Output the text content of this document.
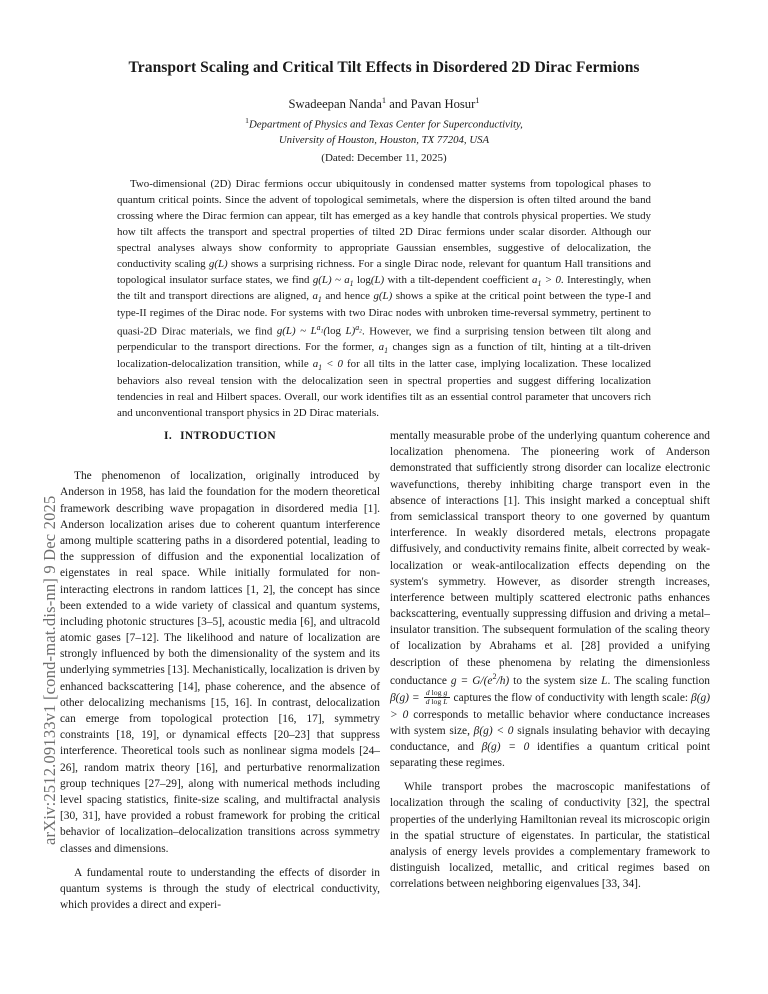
arXiv:2512.09133v1 [cond-mat.dis-nn] 9 Dec 2025
Transport Scaling and Critical Tilt Effects in Disordered 2D Dirac Fermions
Swadeepan Nanda$^1$ and Pavan Hosur$^1$
$^1$Department of Physics and Texas Center for Superconductivity,
University of Houston, Houston, TX 77204, USA
(Dated: December 11, 2025)

Two-dimensional (2D) Dirac fermions occur ubiquitously in condensed matter systems from topological phases to quantum critical points. Since the advent of topological semimetals, where the dispersion is often tilted around the band crossing where the Dirac fermion can appear, tilt has emerged as a key handle that controls physical properties. We study how tilt affects the transport and spectral properties of tilted 2D Dirac fermions under scalar disorder. Although our spectral analyses always show conformity to appropriate Gaussian ensembles, suggestive of delocalization, the conductivity scaling g(L) shows a surprising richness. For a single Dirac node, relevant for quantum Hall transitions and topological insulator surface states, we find g(L) ~ $a_1$ log(L) with a tilt-dependent coefficient $a_1 > 0$. Interestingly, when the tilt and transport directions are aligned, $a_1$ and hence g(L) shows a spike at the critical point between the type-I and type-II regimes of the Dirac node. For systems with two Dirac nodes with unbroken time-reversal symmetry, pertinent to quasi-2D Dirac materials, we find g(L) ~ $L^{a_1}(\log$ L)$^{a_2}$. However, we find a surprising tension between tilt along and perpendicular to the transport directions. For the former, $a_1$ changes sign as a function of tilt, hinting at a tilt-driven localization-delocalization transition, while $a_1 < 0$ for all tilts in the latter case, implying localization. These localized behaviors also reveal tension with the delocalization seen in spectral properties and suggest differing localization tendencies in real and Hilbert spaces. Overall, our work identifies tilt as an essential control parameter that uncovers rich and unconventional transport physics in 2D Dirac materials.

I. INTRODUCTION

The phenomenon of localization, originally introduced by Anderson in 1958, has laid the foundation for the modern theoretical framework describing wave propagation in disordered media [1]. Anderson localization arises due to coherent quantum interference among multiple scattering paths in a disordered potential, leading to the suppression of diffusion and the exponential localization of eigenstates in real space. While initially formulated for non-interacting electrons in random lattices [1, 2], the concept has since been extended to a wide variety of classical and quantum systems, including photonic structures [3–5], acoustic media [6], and ultracold atomic gases [7–12]. The likelihood and nature of localization are strongly influenced by both the dimensionality of the system and its underlying symmetries [13]. Mechanistically, localization is driven by enhanced backscattering [14], phase coherence, and the absence of other delocalizing mechanisms [15, 16]. In contrast, delocalization can emerge from topological protection [16, 17], symmetry constraints [18, 19], or dynamical effects [20–23] that suppress interference. Theoretical tools such as nonlinear sigma models [24–26], random matrix theory [16], and perturbative renormalization group techniques [27–29], along with numerical methods including level spacing statistics, finite-size scaling, and multifractal analysis [30, 31], have provided a robust framework for probing the critical behavior of localization–delocalization transitions across symmetry classes and dimensions.

A fundamental route to understanding the effects of disorder in quantum systems is through the study of electrical conductivity, which provides a direct and experi-

mentally measurable probe of the underlying quantum coherence and localization phenomena. The pioneering work of Anderson demonstrated that sufficiently strong disorder can localize electronic wavefunctions, thereby inhibiting charge transport even in the absence of interactions [1]. This insight marked a conceptual shift from semiclassical transport theory to one governed by quantum interference. In weakly disordered metals, electrons propagate diffusively, and conductivity remains finite, albeit corrected by weak-localization or weak-antilocalization effects depending on the system's symmetry. However, as disorder strength increases, interference between multiply scattered electronic paths enhances backscattering, eventually suppressing diffusion and driving a metal–insulator transition. The subsequent formulation of the scaling theory of localization by Abrahams et al. [28] provided a unifying description of these phenomena by relating the dimensionless conductance $g = G/(e^2/h)$ to the system size L. The scaling function $\beta(g) = \frac{\text{d log g}}{\text{d log L}}$ captures the flow of conductivity with length scale: β(g) > 0 corresponds to metallic behavior where conductance increases with system size, β(g) < 0 signals insulating behavior with decaying conductance, and β(g) = 0 identifies a quantum critical point separating these regimes.

While transport probes the macroscopic manifestations of localization through the scaling of conductivity [32], the spectral properties of the underlying Hamiltonian reveal its microscopic origin in the spatial structure of eigenstates. In particular, the statistical analysis of energy levels provides a complementary framework to distinguish localized, metallic, and critical regimes based on correlations between neighboring eigenvalues [33, 34].
